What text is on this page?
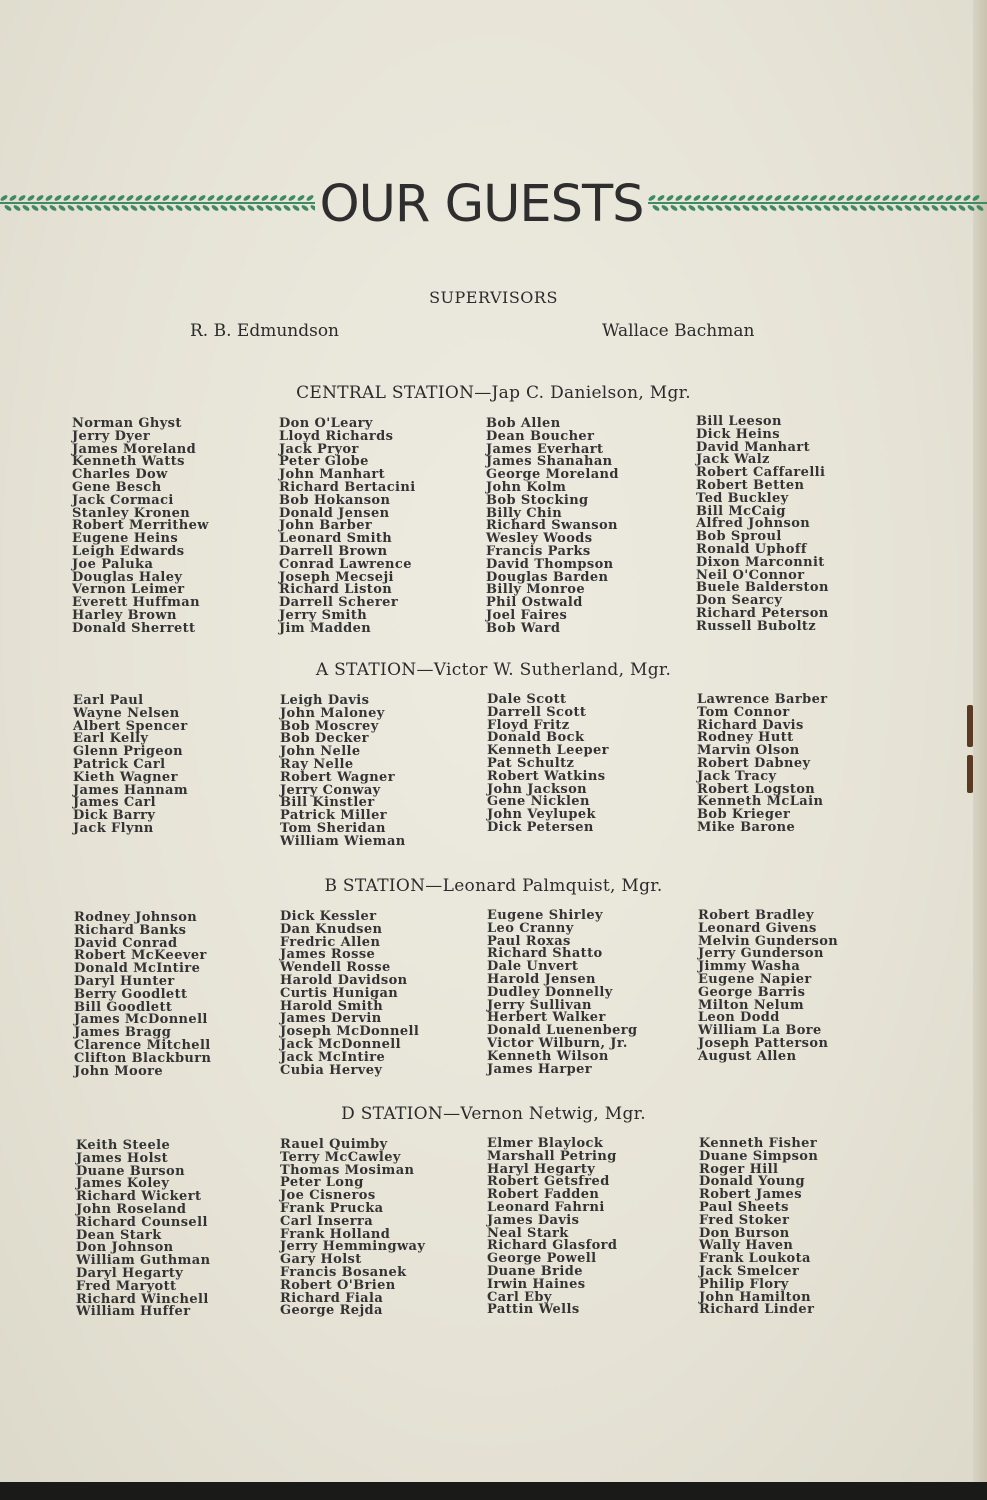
OUR GUESTS
SUPERVISORS
R. B. Edmundson	Wallace Bachman
CENTRAL STATION—Jap C. Danielson, Mgr.
Norman Ghyst
Jerry Dyer
James Moreland
Kenneth Watts
Charles Dow
Gene Besch
Jack Cormaci
Stanley Kronen
Robert Merrithew
Eugene Heins
Leigh Edwards
Joe Paluka
Douglas Haley
Vernon Leimer
Everett Huffman
Harley Brown
Donald Sherrett
Don O'Leary
Lloyd Richards
Jack Pryor
Peter Globe
John Manhart
Richard Bertacini
Bob Hokanson
Donald Jensen
John Barber
Leonard Smith
Darrell Brown
Conrad Lawrence
Joseph Mecseji
Richard Liston
Darrell Scherer
Jerry Smith
Jim Madden
Bob Allen
Dean Boucher
James Everhart
James Shanahan
George Moreland
John Kolm
Bob Stocking
Billy Chin
Richard Swanson
Wesley Woods
Francis Parks
David Thompson
Douglas Barden
Billy Monroe
Phil Ostwald
Joel Faires
Bob Ward
Bill Leeson
Dick Heins
David Manhart
Jack Walz
Robert Caffarelli
Robert Betten
Ted Buckley
Bill McCaig
Alfred Johnson
Bob Sproul
Ronald Uphoff
Dixon Marconnit
Neil O'Connor
Buele Balderston
Don Searcy
Richard Peterson
Russell Buboltz
A STATION—Victor W. Sutherland, Mgr.
Earl Paul
Wayne Nelsen
Albert Spencer
Earl Kelly
Glenn Prigeon
Patrick Carl
Kieth Wagner
James Hannam
James Carl
Dick Barry
Jack Flynn
Leigh Davis
John Maloney
Bob Moscrey
Bob Decker
John Nelle
Ray Nelle
Robert Wagner
Jerry Conway
Bill Kinstler
Patrick Miller
Tom Sheridan
William Wieman
Dale Scott
Darrell Scott
Floyd Fritz
Donald Bock
Kenneth Leeper
Pat Schultz
Robert Watkins
John Jackson
Gene Nicklen
John Veylupek
Dick Petersen
Lawrence Barber
Tom Connor
Richard Davis
Rodney Hutt
Marvin Olson
Robert Dabney
Jack Tracy
Robert Logston
Kenneth McLain
Bob Krieger
Mike Barone
B STATION—Leonard Palmquist, Mgr.
Rodney Johnson
Richard Banks
David Conrad
Robert McKeever
Donald McIntire
Daryl Hunter
Berry Goodlett
Bill Goodlett
James McDonnell
James Bragg
Clarence Mitchell
Clifton Blackburn
John Moore
Dick Kessler
Dan Knudsen
Fredric Allen
James Rosse
Wendell Rosse
Harold Davidson
Curtis Hunigan
Harold Smith
James Dervin
Joseph McDonnell
Jack McDonnell
Jack McIntire
Cubia Hervey
Eugene Shirley
Leo Cranny
Paul Roxas
Richard Shatto
Dale Unvert
Harold Jensen
Dudley Donnelly
Jerry Sullivan
Herbert Walker
Donald Luenenberg
Victor Wilburn, Jr.
Kenneth Wilson
James Harper
Robert Bradley
Leonard Givens
Melvin Gunderson
Jerry Gunderson
Jimmy Washa
Eugene Napier
George Barris
Milton Nelum
Leon Dodd
William La Bore
Joseph Patterson
August Allen
D STATION—Vernon Netwig, Mgr.
Keith Steele
James Holst
Duane Burson
James Koley
Richard Wickert
John Roseland
Richard Counsell
Dean Stark
Don Johnson
William Guthman
Daryl Hegarty
Fred Maryott
Richard Winchell
William Huffer
Rauel Quimby
Terry McCawley
Thomas Mosiman
Peter Long
Joe Cisneros
Frank Prucka
Carl Inserra
Frank Holland
Jerry Hemmingway
Gary Holst
Francis Bosanek
Robert O'Brien
Richard Fiala
George Rejda
Elmer Blaylock
Marshall Petring
Haryl Hegarty
Robert Getsfred
Robert Fadden
Leonard Fahrni
James Davis
Neal Stark
Richard Glasford
George Powell
Duane Bride
Irwin Haines
Carl Eby
Pattin Wells
Kenneth Fisher
Duane Simpson
Roger Hill
Donald Young
Robert James
Paul Sheets
Fred Stoker
Don Burson
Wally Haven
Frank Loukota
Jack Smelcer
Philip Flory
John Hamilton
Richard Linder
